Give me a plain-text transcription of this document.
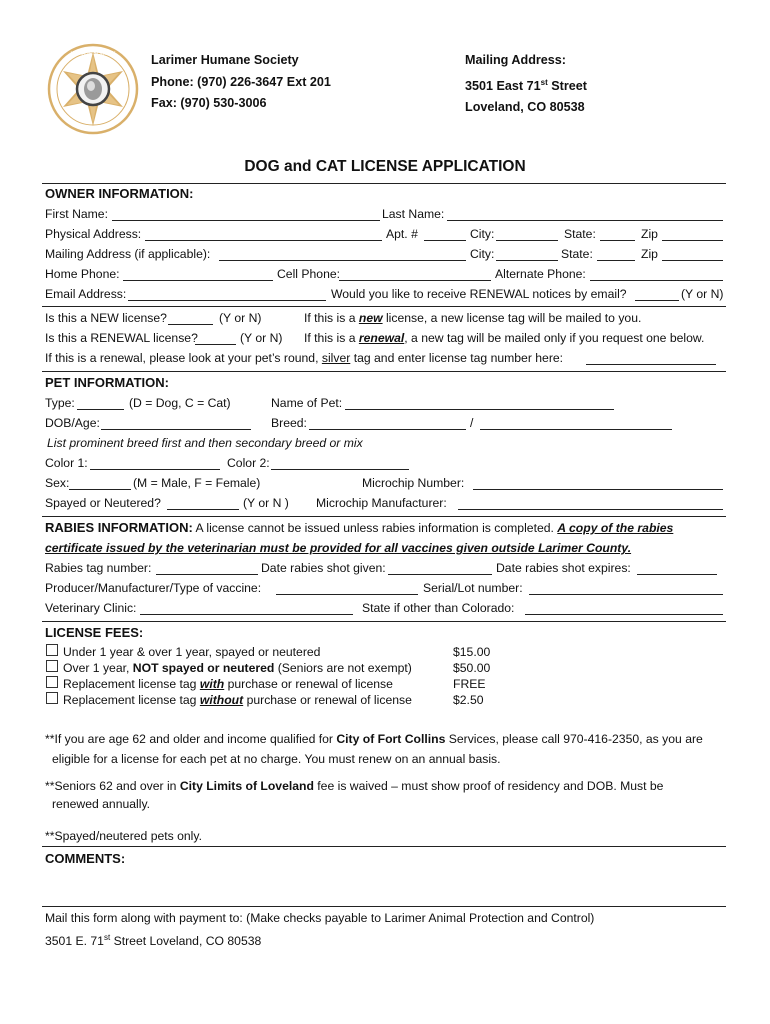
HUMANE SOCIETY	Larimer Humane Society
Phone: (970) 226-3647 Ext 201
Fax: (970) 530-3006
Mailing Address:
3501 East 71st Street
Loveland, CO 80538
DOG and CAT LICENSE APPLICATION
OWNER INFORMATION:
First Name:	Last Name:
Physical Address:	Apt. #	City:	State:	Zip
Mailing Address (if applicable):	City:	State:	Zip
Home Phone:	Cell Phone:	Alternate Phone:
Email Address:	Would you like to receive RENEWAL notices by email?	(Y or N)
Is this a NEW license?	(Y or N)	If this is a new license, a new license tag will be mailed to you.
Is this a RENEWAL license?	(Y or N) If this is a renewal, a new tag will be mailed only if you request one below.
If this is a renewal, please look at your pet’s round, silver tag and enter license tag number here:
PET INFORMATION:
Type:	(D = Dog, C = Cat)	Name of Pet:
DOB/Age:	Breed:	/
List prominent breed first and then secondary breed or mix
Color 1:	Color 2:
Sex:	(M = Male, F = Female)	Microchip Number:
Spayed or Neutered?	(Y or N ) Microchip Manufacturer:
RABIES INFORMATION: A license cannot be issued unless rabies information is completed. A copy of the rabies
certificate issued by the veterinarian must be provided for all vaccines given outside Larimer County.
Rabies tag number:	Date rabies shot given:	Date rabies shot expires:
Producer/Manufacturer/Type of vaccine:	Serial/Lot number:
Veterinary Clinic:	State if other than Colorado:
LICENSE FEES:
Under 1 year & over 1 year, spayed or neutered	$15.00
Over 1 year, NOT spayed or neutered (Seniors are not exempt)	$50.00
Replacement license tag with purchase or renewal of license	FREE
Replacement license tag without purchase or renewal of license	$2.50
**If you are age 62 and older and income qualified for City of Fort Collins Services, please call 970-416-2350, as you are
eligible for a license for each pet at no charge. You must renew on an annual basis.
**Seniors 62 and over in City Limits of Loveland fee is waived – must show proof of residency and DOB. Must be
renewed annually.
**Spayed/neutered pets only.
COMMENTS:
Mail this form along with payment to: (Make checks payable to Larimer Animal Protection and Control)
3501 E. 71st Street Loveland, CO 80538
